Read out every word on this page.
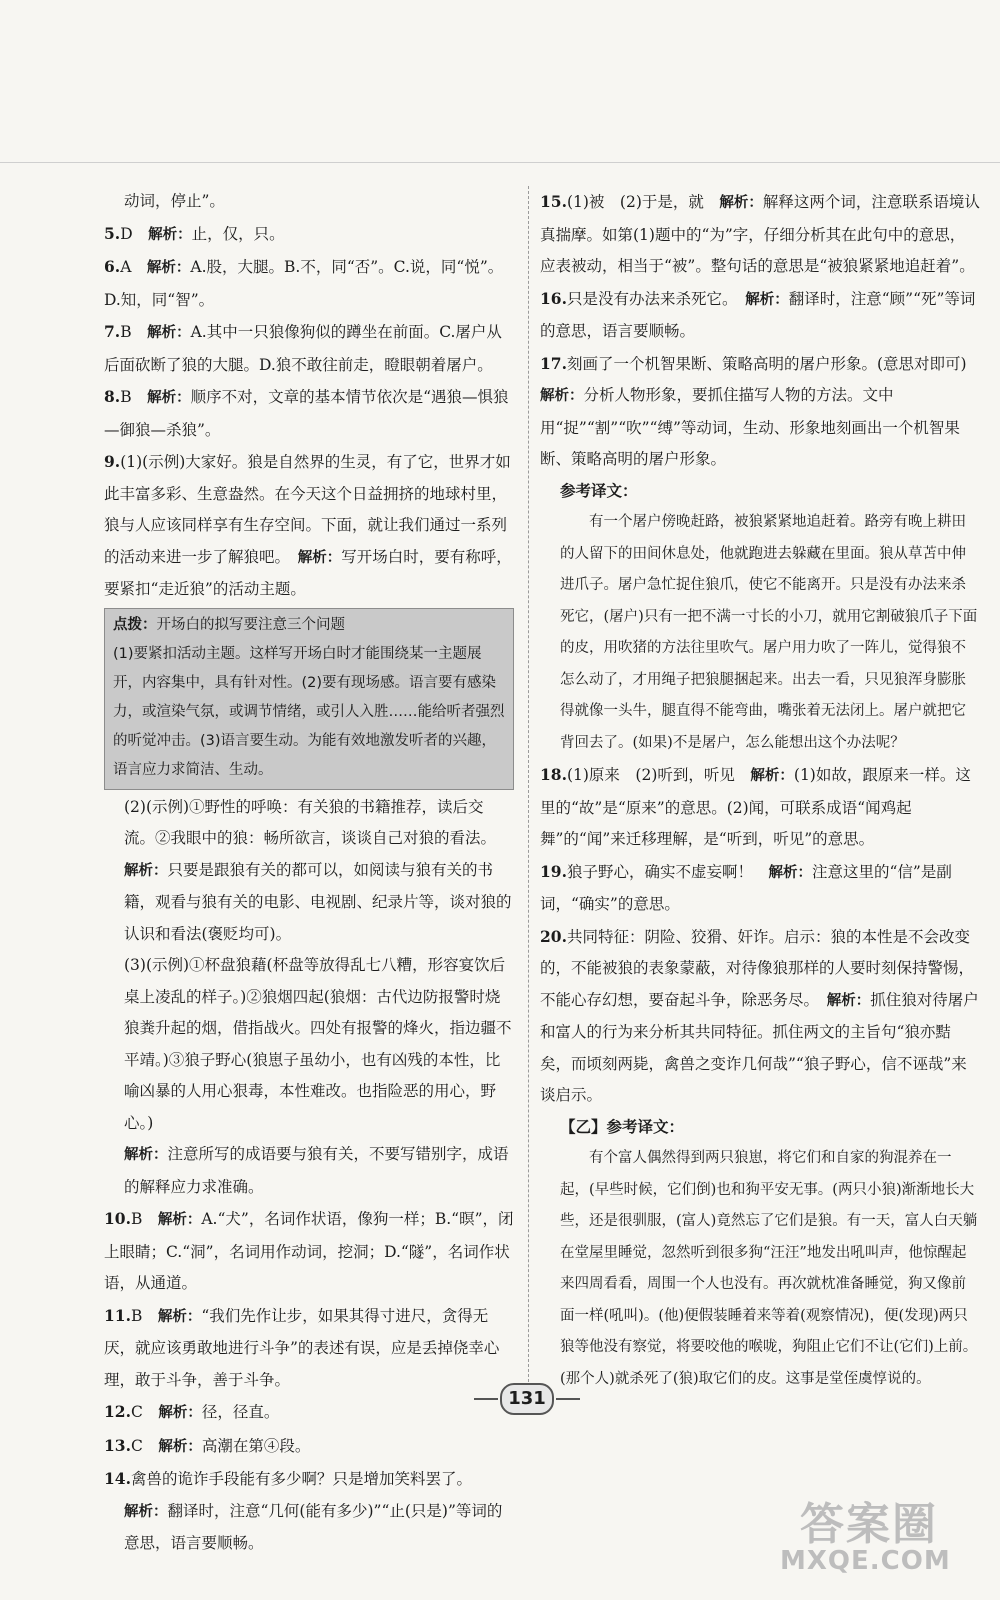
动词，停止”。

5.D　解析：止，仅，只。

6.A　解析：A.股，大腿。B.不，同“否”。C.说，同“悦”。D.知，同“智”。

7.B　解析：A.其中一只狼像狗似的蹲坐在前面。C.屠户从后面砍断了狼的大腿。D.狼不敢往前走，瞪眼朝着屠户。

8.B　解析：顺序不对，文章的基本情节依次是“遇狼—惧狼—御狼—杀狼”。

9.(1)(示例)大家好。狼是自然界的生灵，有了它，世界才如此丰富多彩、生意盎然。在今天这个日益拥挤的地球村里，狼与人应该同样享有生存空间。下面，就让我们通过一系列的活动来进一步了解狼吧。　解析：写开场白时，要有称呼，要紧扣“走近狼”的活动主题。

点拨：开场白的拟写要注意三个问题
(1)要紧扣活动主题。这样写开场白时才能围绕某一主题展开，内容集中，具有针对性。(2)要有现场感。语言要有感染力，或渲染气氛，或调节情绪，或引人入胜……能给听者强烈的听觉冲击。(3)语言要生动。为能有效地激发听者的兴趣，语言应力求简洁、生动。

(2)(示例)①野性的呼唤：有关狼的书籍推荐，读后交流。②我眼中的狼：畅所欲言，谈谈自己对狼的看法。

解析：只要是跟狼有关的都可以，如阅读与狼有关的书籍，观看与狼有关的电影、电视剧、纪录片等，谈对狼的认识和看法(褒贬均可)。

(3)(示例)①杯盘狼藉(杯盘等放得乱七八糟，形容宴饮后桌上凌乱的样子。)②狼烟四起(狼烟：古代边防报警时烧狼粪升起的烟，借指战火。四处有报警的烽火，指边疆不平靖。)③狼子野心(狼崽子虽幼小，也有凶残的本性，比喻凶暴的人用心狠毒，本性难改。也指险恶的用心，野心。)

解析：注意所写的成语要与狼有关，不要写错别字，成语的解释应力求准确。

10.B　解析：A.“犬”，名词作状语，像狗一样；B.“暝”，闭上眼睛；C.“洞”，名词用作动词，挖洞；D.“隧”，名词作状语，从通道。

11.B　解析：“我们先作让步，如果其得寸进尺，贪得无厌，就应该勇敢地进行斗争”的表述有误，应是丢掉侥幸心理，敢于斗争，善于斗争。

12.C　解析：径，径直。

13.C　解析：高潮在第④段。

14.禽兽的诡诈手段能有多少啊？只是增加笑料罢了。

解析：翻译时，注意“几何(能有多少)”“止(只是)”等词的意思，语言要顺畅。

15.(1)被　(2)于是，就　解析：解释这两个词，注意联系语境认真揣摩。如第(1)题中的“为”字，仔细分析其在此句中的意思，应表被动，相当于“被”。整句话的意思是“被狼紧紧地追赶着”。

16.只是没有办法来杀死它。　解析：翻译时，注意“顾”“死”等词的意思，语言要顺畅。

17.刻画了一个机智果断、策略高明的屠户形象。(意思对即可)　解析：分析人物形象，要抓住描写人物的方法。文中用“捉”“割”“吹”“缚”等动词，生动、形象地刻画出一个机智果断、策略高明的屠户形象。

参考译文：

有一个屠户傍晚赶路，被狼紧紧地追赶着。路旁有晚上耕田的人留下的田间休息处，他就跑进去躲藏在里面。狼从草苫中伸进爪子。屠户急忙捉住狼爪，使它不能离开。只是没有办法来杀死它，(屠户)只有一把不满一寸长的小刀，就用它割破狼爪子下面的皮，用吹猪的方法往里吹气。屠户用力吹了一阵儿，觉得狼不怎么动了，才用绳子把狼腿捆起来。出去一看，只见狼浑身膨胀得就像一头牛，腿直得不能弯曲，嘴张着无法闭上。屠户就把它背回去了。(如果)不是屠户，怎么能想出这个办法呢？

18.(1)原来　(2)听到，听见　解析：(1)如故，跟原来一样。这里的“故”是“原来”的意思。(2)闻，可联系成语“闻鸡起舞”的“闻”来迁移理解，是“听到，听见”的意思。

19.狼子野心，确实不虚妄啊！　解析：注意这里的“信”是副词，“确实”的意思。

20.共同特征：阴险、狡猾、奸诈。启示：狼的本性是不会改变的，不能被狼的表象蒙蔽，对待像狼那样的人要时刻保持警惕，不能心存幻想，要奋起斗争，除恶务尽。　解析：抓住狼对待屠户和富人的行为来分析其共同特征。抓住两文的主旨句“狼亦黠矣，而顷刻两毙，禽兽之变诈几何哉”“狼子野心，信不诬哉”来谈启示。

【乙】参考译文：

有个富人偶然得到两只狼崽，将它们和自家的狗混养在一起，(早些时候，它们倒)也和狗平安无事。(两只小狼)渐渐地长大些，还是很驯服，(富人)竟然忘了它们是狼。有一天，富人白天躺在堂屋里睡觉，忽然听到很多狗“汪汪”地发出吼叫声，他惊醒起来四周看看，周围一个人也没有。再次就枕准备睡觉，狗又像前面一样(吼叫)。(他)便假装睡着来等着(观察情况)，便(发现)两只狼等他没有察觉，将要咬他的喉咙，狗阻止它们不让(它们)上前。(那个人)就杀死了(狼)取它们的皮。这事是堂侄虞惇说的。

131
答案圈
MXQE.COM
